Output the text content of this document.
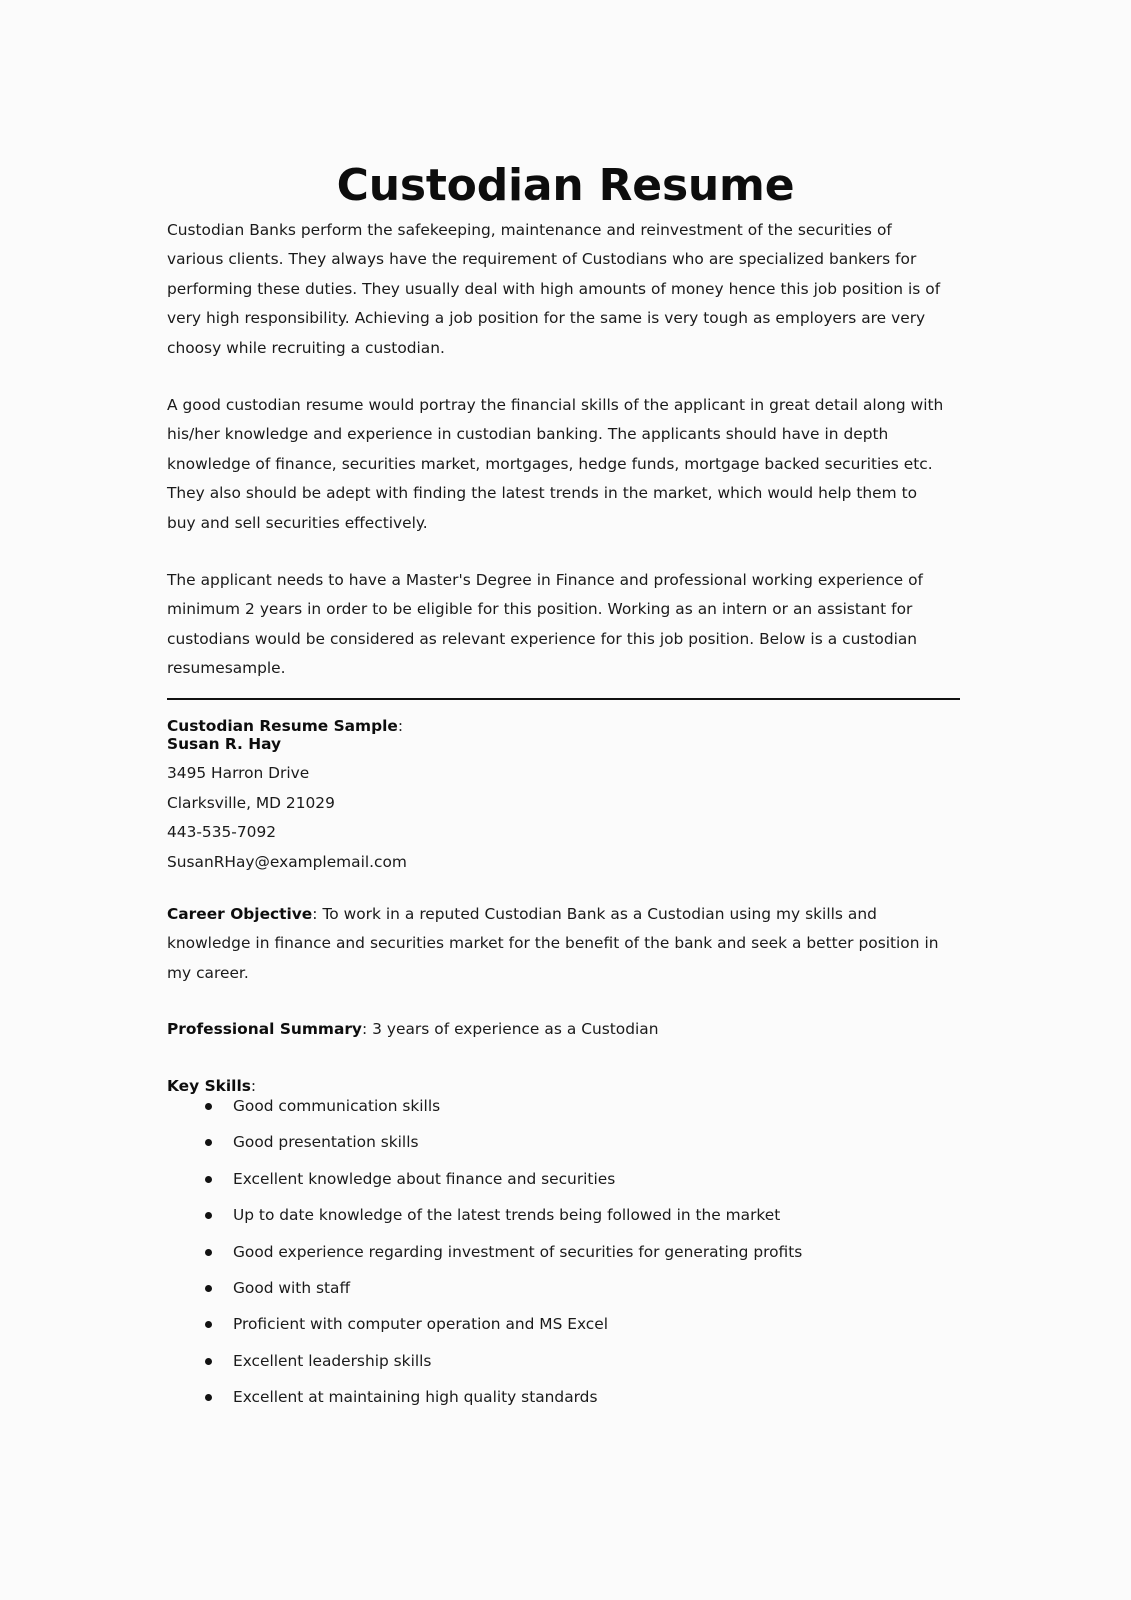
Custodian Resume

Custodian Banks perform the safekeeping, maintenance and reinvestment of the securities of various clients. They always have the requirement of Custodians who are specialized bankers for performing these duties. They usually deal with high amounts of money hence this job position is of very high responsibility. Achieving a job position for the same is very tough as employers are very choosy while recruiting a custodian.

A good custodian resume would portray the financial skills of the applicant in great detail along with his/her knowledge and experience in custodian banking. The applicants should have in depth knowledge of finance, securities market, mortgages, hedge funds, mortgage backed securities etc. They also should be adept with finding the latest trends in the market, which would help them to buy and sell securities effectively.

The applicant needs to have a Master's Degree in Finance and professional working experience of minimum 2 years in order to be eligible for this position. Working as an intern or an assistant for custodians would be considered as relevant experience for this job position. Below is a custodian resumesample.

Custodian Resume Sample:

Susan R. Hay

3495 Harron Drive

Clarksville, MD 21029

443-535-7092

SusanRHay@examplemail.com

Career Objective: To work in a reputed Custodian Bank as a Custodian using my skills and knowledge in finance and securities market for the benefit of the bank and seek a better position in my career.

Professional Summary: 3 years of experience as a Custodian

Key Skills:

Good communication skills
Good presentation skills
Excellent knowledge about finance and securities
Up to date knowledge of the latest trends being followed in the market
Good experience regarding investment of securities for generating profits
Good with staff
Proficient with computer operation and MS Excel
Excellent leadership skills
Excellent at maintaining high quality standards
